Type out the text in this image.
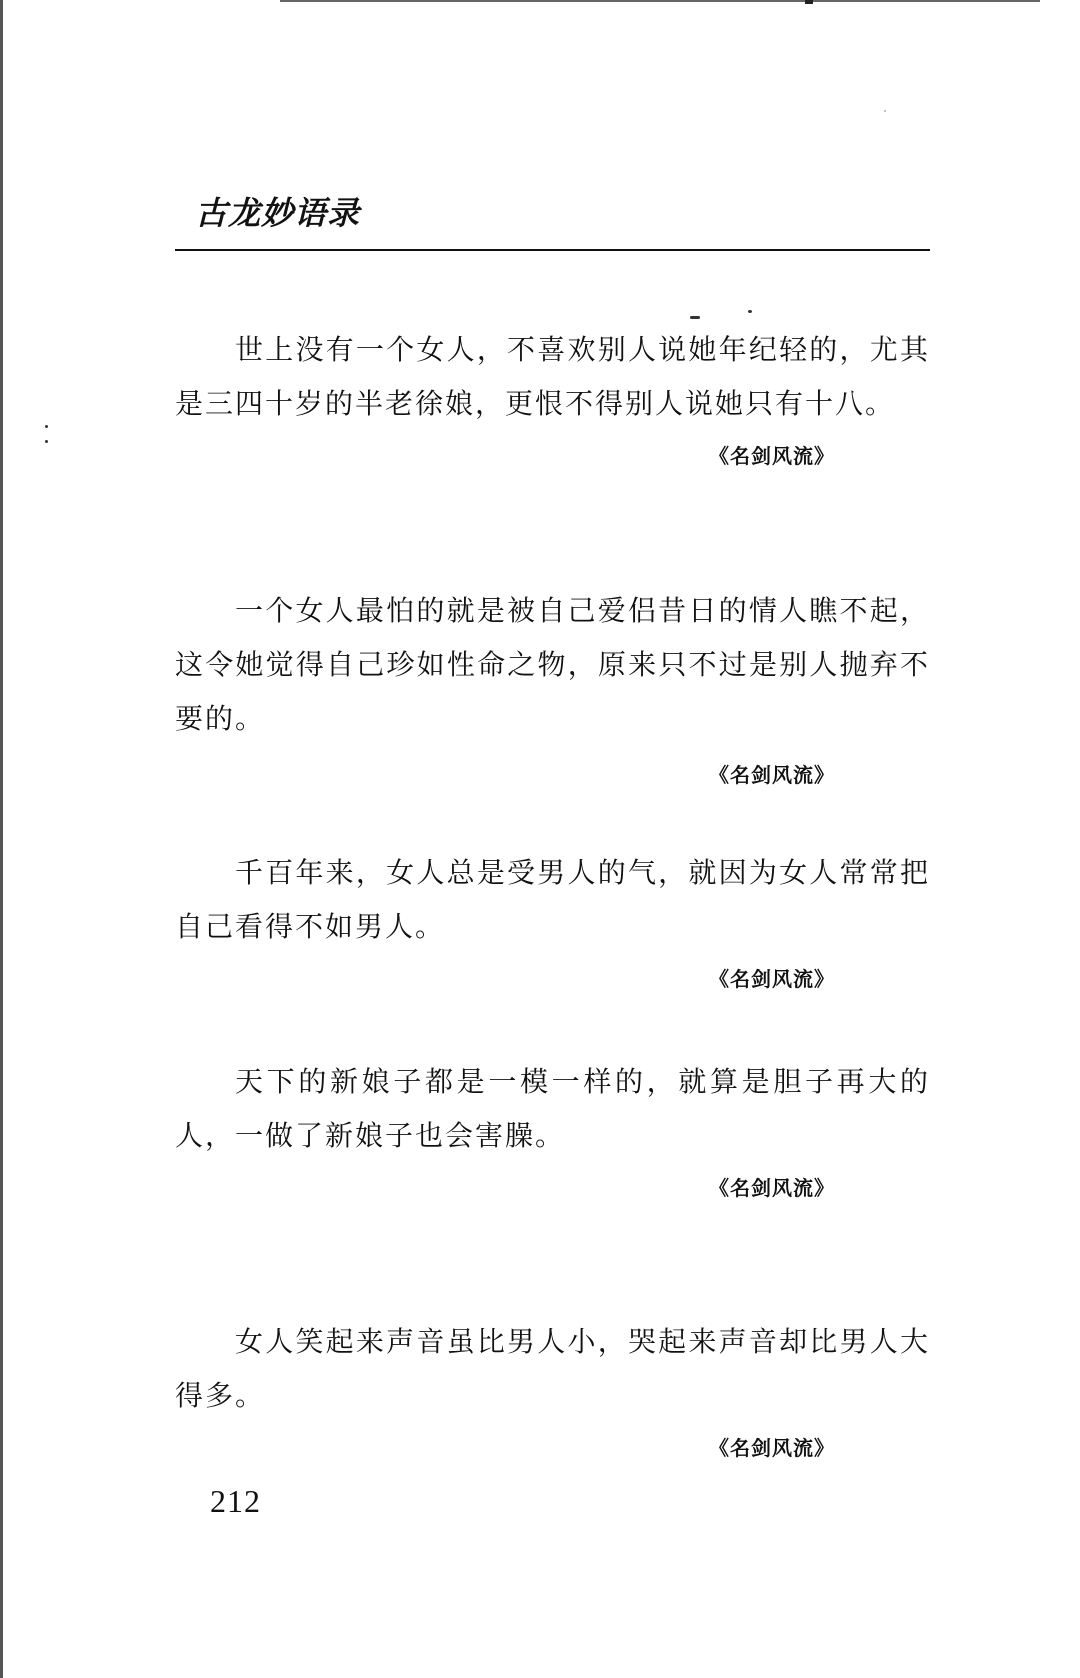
古龙妙语录

世上没有一个女人，不喜欢别人说她年纪轻的，尤其是三四十岁的半老徐娘，更恨不得别人说她只有十八。

《名剑风流》

一个女人最怕的就是被自己爱侣昔日的情人瞧不起，这令她觉得自己珍如性命之物，原来只不过是别人抛弃不要的。

《名剑风流》

千百年来，女人总是受男人的气，就因为女人常常把自己看得不如男人。

《名剑风流》

天下的新娘子都是一模一样的，就算是胆子再大的人，一做了新娘子也会害臊。

《名剑风流》

女人笑起来声音虽比男人小，哭起来声音却比男人大得多。

《名剑风流》
212
